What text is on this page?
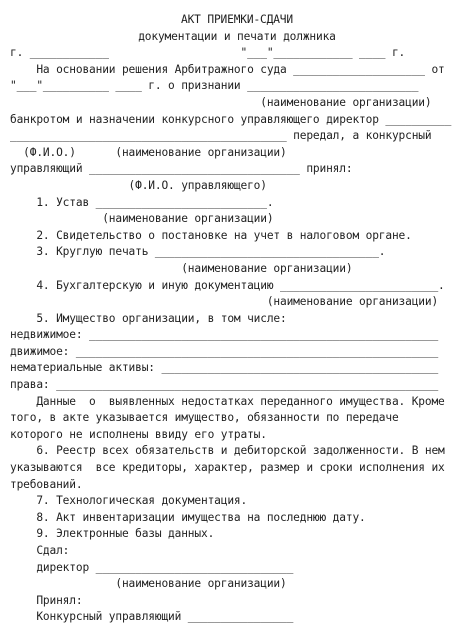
АКТ ПРИЕМКИ-СДАЧИ
документации и печати должника
г. ____________                    "___"____________ ____ г.
На основании решения Арбитражного суда ____________________ от
"___"__________ ____ г. о признании __________________________
(наименование организации)
банкротом и назначении конкурсного управляющего директор __________
__________________________________________ передал, а конкурсный
(Ф.И.О.)      (наименование организации)
управляющий ________________________________ принял:
(Ф.И.О. управляющего)
1. Устав __________________________.
(наименование организации)
2. Свидетельство о постановке на учет в налоговом органе.
3. Круглую печать __________________________________.
(наименование организации)
4. Бухгалтерскую и иную документацию ________________________.
(наименование организации)
5. Имущество организации, в том числе:
недвижимое: _____________________________________________________
движимое: _______________________________________________________
нематериальные активы: __________________________________________
права: __________________________________________________________
Данные  о  выявленных недостатках переданного имущества. Кроме
того, в акте указывается имущество, обязанности по передаче
которого не исполнены ввиду его утраты.
6. Реестр всех обязательств и дебиторской задолженности. В нем
указываются  все кредиторы, характер, размер и сроки исполнения их
требований.
7. Технологическая документация.
8. Акт инвентаризации имущества на последнюю дату.
9. Электронные базы данных.
Сдал:
директор ______________________________
(наименование организации)
Принял:
Конкурсный управляющий ________________
